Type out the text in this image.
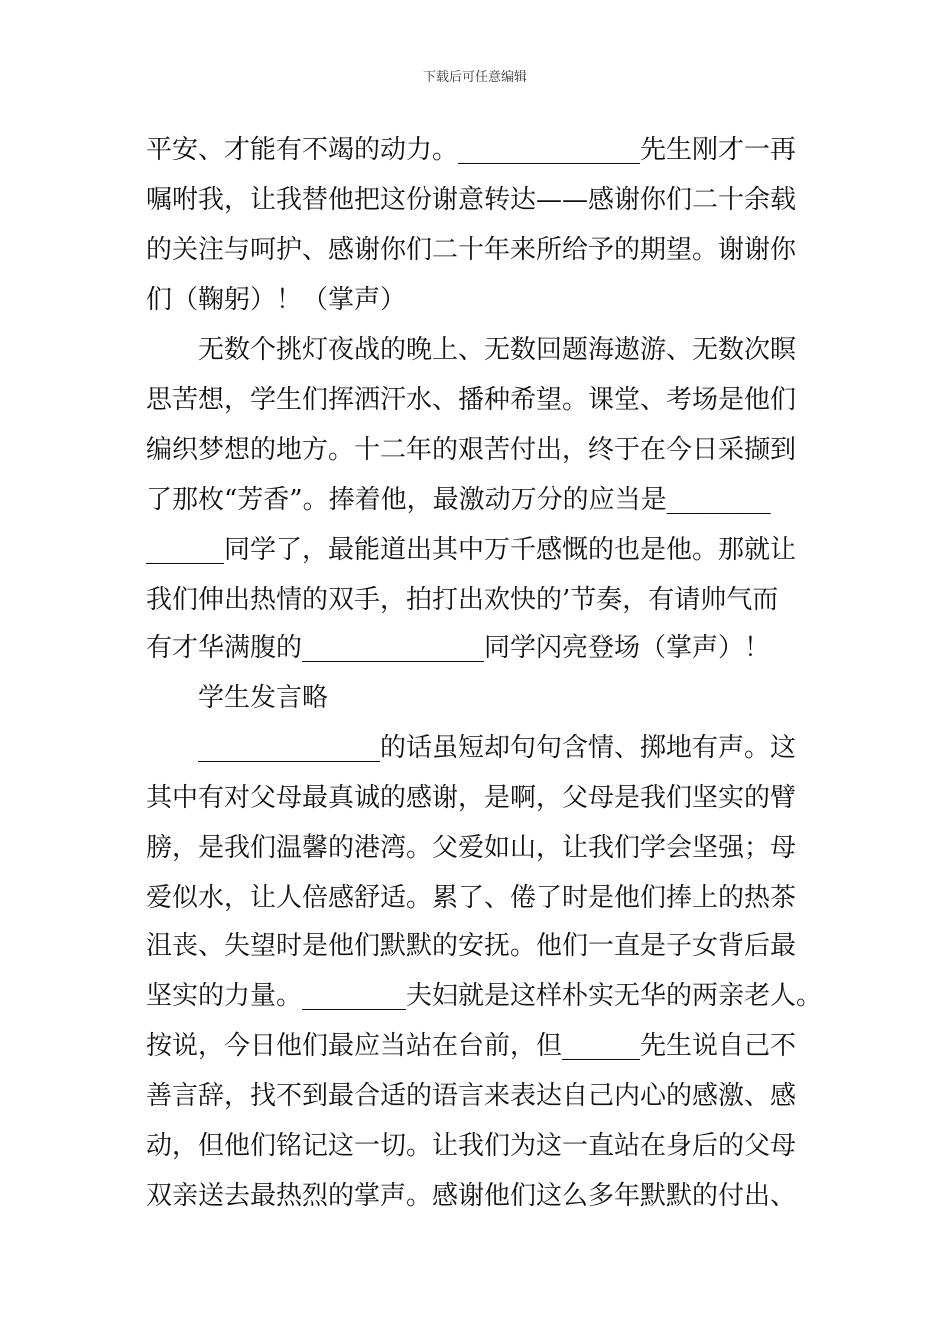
下载后可任意编辑
平安、才能有不竭的动力。______________先生刚才一再
嘱咐我，让我替他把这份谢意转达——感谢你们二十余载
的关注与呵护、感谢你们二十年来所给予的期望。谢谢你
们（鞠躬）！（掌声）
无数个挑灯夜战的晚上、无数回题海遨游、无数次瞑
思苦想，学生们挥洒汗水、播种希望。课堂、考场是他们
编织梦想的地方。十二年的艰苦付出，终于在今日采撷到
了那枚“芳香”。捧着他，最激动万分的应当是________
______同学了，最能道出其中万千感慨的也是他。那就让
我们伸出热情的双手，拍打出欢快的’节奏，有请帅气而
有才华满腹的______________同学闪亮登场（掌声）！
学生发言略
______________的话虽短却句句含情、掷地有声。这
其中有对父母最真诚的感谢，是啊，父母是我们坚实的臂
膀，是我们温馨的港湾。父爱如山，让我们学会坚强；母
爱似水，让人倍感舒适。累了、倦了时是他们捧上的热茶
沮丧、失望时是他们默默的安抚。他们一直是子女背后最
坚实的力量。________夫妇就是这样朴实无华的两亲老人。
按说，今日他们最应当站在台前，但______先生说自己不
善言辞，找不到最合适的语言来表达自己内心的感激、感
动，但他们铭记这一切。让我们为这一直站在身后的父母
双亲送去最热烈的掌声。感谢他们这么多年默默的付出、
